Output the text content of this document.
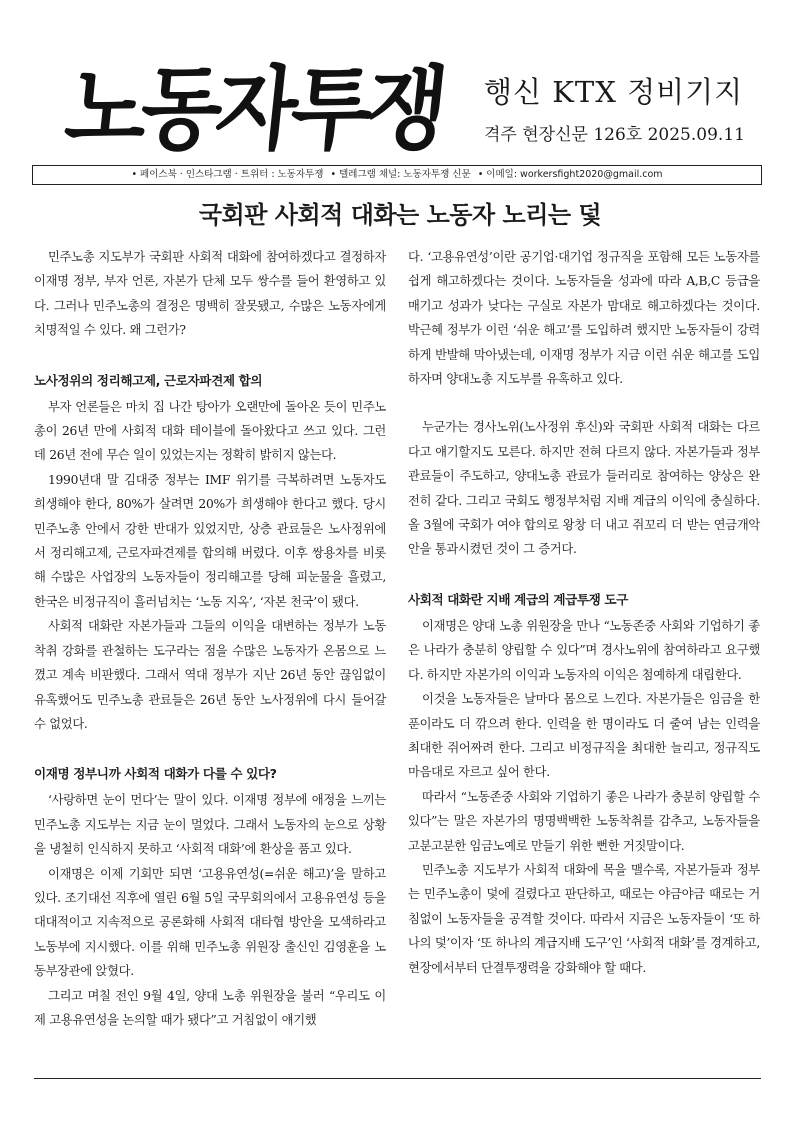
노동자투쟁 행신 KTX 정비기지
격주 현장신문 126호 2025.09.11
• 페이스북 · 인스타그램 · 트위터 : 노동자투쟁 • 텔레그램 채널: 노동자투쟁 신문 • 이메일: workersfight2020@gmail.com
국회판 사회적 대화는 노동자 노리는 덫

민주노총 지도부가 국회판 사회적 대화에 참여하겠다고 결정하자 이재명 정부, 부자 언론, 자본가 단체 모두 쌍수를 들어 환영하고 있다. 그러나 민주노총의 결정은 명백히 잘못됐고, 수많은 노동자에게 치명적일 수 있다. 왜 그런가?

노사정위의 정리해고제, 근로자파견제 합의

부자 언론들은 마치 집 나간 탕아가 오랜만에 돌아온 듯이 민주노총이 26년 만에 사회적 대화 테이블에 돌아왔다고 쓰고 있다. 그런데 26년 전에 무슨 일이 있었는지는 정확히 밝히지 않는다.

1990년대 말 김대중 정부는 IMF 위기를 극복하려면 노동자도 희생해야 한다, 80%가 살려면 20%가 희생해야 한다고 했다. 당시 민주노총 안에서 강한 반대가 있었지만, 상층 관료들은 노사정위에서 정리해고제, 근로자파견제를 합의해 버렸다. 이후 쌍용차를 비롯해 수많은 사업장의 노동자들이 정리해고를 당해 피눈물을 흘렸고, 한국은 비정규직이 흘러넘치는 ‘노동 지옥’, ‘자본 천국’이 됐다.

사회적 대화란 자본가들과 그들의 이익을 대변하는 정부가 노동 착취 강화를 관철하는 도구라는 점을 수많은 노동자가 온몸으로 느꼈고 계속 비판했다. 그래서 역대 정부가 지난 26년 동안 끊임없이 유혹했어도 민주노총 관료들은 26년 동안 노사정위에 다시 들어갈 수 없었다.

이재명 정부니까 사회적 대화가 다를 수 있다?

‘사랑하면 눈이 먼다’는 말이 있다. 이재명 정부에 애정을 느끼는 민주노총 지도부는 지금 눈이 멀었다. 그래서 노동자의 눈으로 상황을 냉철히 인식하지 못하고 ‘사회적 대화’에 환상을 품고 있다.

이재명은 이제 기회만 되면 ‘고용유연성(=쉬운 해고)’을 말하고 있다. 조기대선 직후에 열린 6월 5일 국무회의에서 고용유연성 등을 대대적이고 지속적으로 공론화해 사회적 대타협 방안을 모색하라고 노동부에 지시했다. 이를 위해 민주노총 위원장 출신인 김영훈을 노동부장관에 앉혔다.

그리고 며칠 전인 9월 4일, 양대 노총 위원장을 불러 “우리도 이제 고용유연성을 논의할 때가 됐다”고 거침없이 얘기했

다. ‘고용유연성’이란 공기업·대기업 정규직을 포함해 모든 노동자를 쉽게 해고하겠다는 것이다. 노동자들을 성과에 따라 A,B,C 등급을 매기고 성과가 낮다는 구실로 자본가 맘대로 해고하겠다는 것이다. 박근혜 정부가 이런 ‘쉬운 해고’를 도입하려 했지만 노동자들이 강력하게 반발해 막아냈는데, 이재명 정부가 지금 이런 쉬운 해고를 도입하자며 양대노총 지도부를 유혹하고 있다.

누군가는 경사노위(노사정위 후신)와 국회판 사회적 대화는 다르다고 얘기할지도 모른다. 하지만 전혀 다르지 않다. 자본가들과 정부 관료들이 주도하고, 양대노총 관료가 들러리로 참여하는 양상은 완전히 같다. 그리고 국회도 행정부처럼 지배 계급의 이익에 충실하다. 올 3월에 국회가 여야 합의로 왕창 더 내고 쥐꼬리 더 받는 연금개악안을 통과시켰던 것이 그 증거다.

사회적 대화란 지배 계급의 계급투쟁 도구

이재명은 양대 노총 위원장을 만나 “노동존중 사회와 기업하기 좋은 나라가 충분히 양립할 수 있다”며 경사노위에 참여하라고 요구했다. 하지만 자본가의 이익과 노동자의 이익은 첨예하게 대립한다.

이것을 노동자들은 날마다 몸으로 느낀다. 자본가들은 임금을 한 푼이라도 더 깎으려 한다. 인력을 한 명이라도 더 줄여 남는 인력을 최대한 쥐어짜려 한다. 그리고 비정규직을 최대한 늘리고, 정규직도 마음대로 자르고 싶어 한다.

따라서 “노동존중 사회와 기업하기 좋은 나라가 충분히 양립할 수 있다”는 말은 자본가의 명명백백한 노동착취를 감추고, 노동자들을 고분고분한 임금노예로 만들기 위한 뻔한 거짓말이다.

민주노총 지도부가 사회적 대화에 목을 맬수록, 자본가들과 정부는 민주노총이 덫에 걸렸다고 판단하고, 때로는 야금야금 때로는 거침없이 노동자들을 공격할 것이다. 따라서 지금은 노동자들이 ‘또 하나의 덫’이자 ‘또 하나의 계급지배 도구’인 ‘사회적 대화’를 경계하고, 현장에서부터 단결투쟁력을 강화해야 할 때다.
